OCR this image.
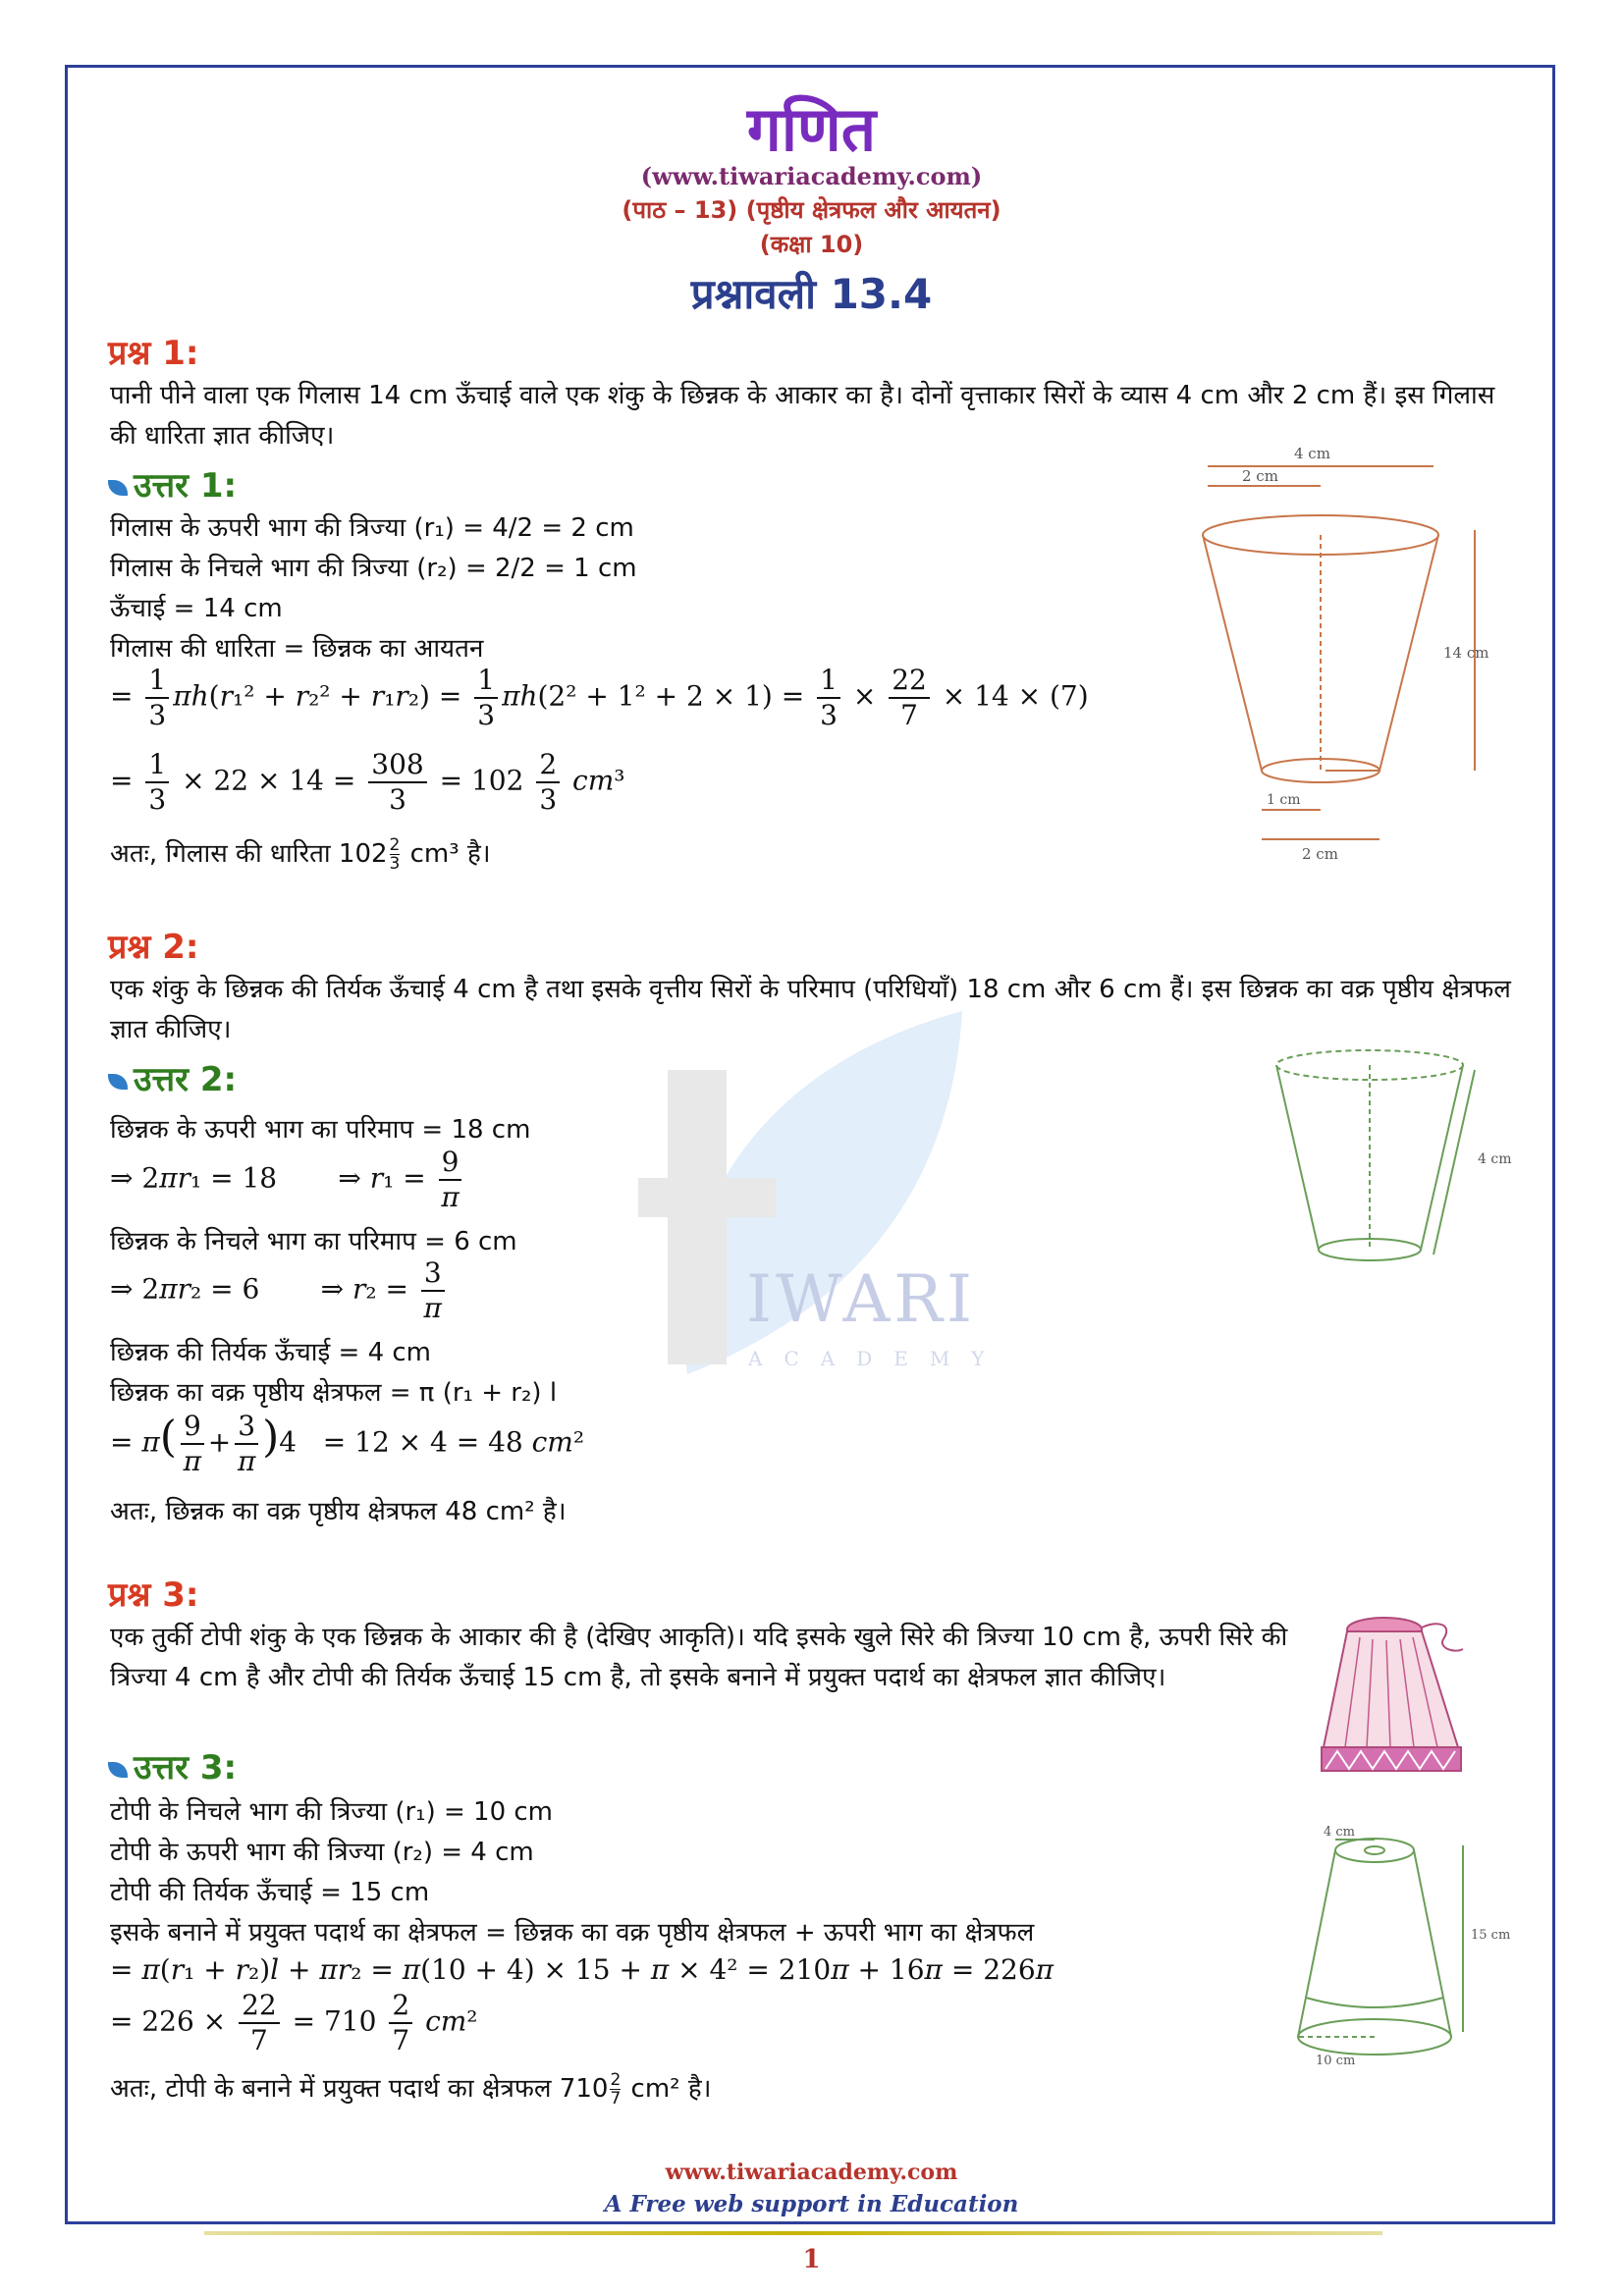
IWARI
ACADEMY
गणित
(www.tiwariacademy.com)
(पाठ – 13) (पृष्ठीय क्षेत्रफल और आयतन)
(कक्षा 10)
प्रश्नावली 13.4
प्रश्न 1:
पानी पीने वाला एक गिलास 14 cm ऊँचाई वाले एक शंकु के छिन्नक के आकार का है। दोनों वृत्ताकार सिरों के व्यास 4 cm और 2 cm हैं। इस गिलास की धारिता ज्ञात कीजिए।
उत्तर 1:
गिलास के ऊपरी भाग की त्रिज्या (r₁) = 4/2 = 2 cm
गिलास के निचले भाग की त्रिज्या (r₂) = 2/2 = 1 cm
ऊँचाई = 14 cm
गिलास की धारिता = छिन्नक का आयतन
= $\frac{1}{3} \pi h(r_1^2 + r_2^2 + r_1r_2) = \frac{1}{3} \pi h(2^2 + 1^2 + 2 \times 1) = \frac{1}{3} \times \frac{22}{7} \times 14 \times (7)$
= $\frac{1}{3} \times 22 \times 14 = \frac{308}{3} = 102 \frac{2}{3} cm^3$
अतः, गिलास की धारिता $102 \frac{2}{3} cm^3$ है।
4 cm
2 cm
14 cm
1 cm
2 cm
प्रश्न 2:
एक शंकु के छिन्नक की तिर्यक ऊँचाई 4 cm है तथा इसके वृत्तीय सिरों के परिमाप (परिधियाँ) 18 cm और 6 cm हैं। इस छिन्नक का वक्र पृष्ठीय क्षेत्रफल ज्ञात कीजिए।
उत्तर 2:
छिन्नक के ऊपरी भाग का परिमाप = 18 cm
⇒ 2πr₁ = 18       ⇒ $r_1 = \frac{9}{\pi}$
छिन्नक के निचले भाग का परिमाप = 6 cm
⇒ 2πr₂ = 6       ⇒ $r_2 = \frac{3}{\pi}$
छिन्नक की तिर्यक ऊँचाई = 4 cm
छिन्नक का वक्र पृष्ठीय क्षेत्रफल = π (r₁ + r₂) l
= $\pi( \frac{9}{\pi} + \frac{3}{\pi} )4 = 12 \times 4 = 48$ cm²
अतः, छिन्नक का वक्र पृष्ठीय क्षेत्रफल 48 cm² है।
4 cm
प्रश्न 3:
एक तुर्की टोपी शंकु के एक छिन्नक के आकार की है (देखिए आकृति)। यदि इसके खुले सिरे की त्रिज्या 10 cm है, ऊपरी सिरे की त्रिज्या 4 cm है और टोपी की तिर्यक ऊँचाई 15 cm है, तो इसके बनाने में प्रयुक्त पदार्थ का क्षेत्रफल ज्ञात कीजिए।
उत्तर 3:
टोपी के निचले भाग की त्रिज्या (r₁) = 10 cm
टोपी के ऊपरी भाग की त्रिज्या (r₂) = 4 cm
टोपी की तिर्यक ऊँचाई = 15 cm
इसके बनाने में प्रयुक्त पदार्थ का क्षेत्रफल = छिन्नक का वक्र पृष्ठीय क्षेत्रफल + ऊपरी भाग का क्षेत्रफल
= π(r₁ + r₂)l + πr₂ = π(10 + 4) × 15 + π × 4² = 210π + 16π = 226π
= $226 \times \frac{22}{7} = 710 \frac{2}{7} cm^2$
अतः, टोपी के बनाने में प्रयुक्त पदार्थ का क्षेत्रफल $710 \frac{2}{7} cm^2$ है।
4 cm
15 cm
10 cm
www.tiwariacademy.com
A Free web support in Education
1
